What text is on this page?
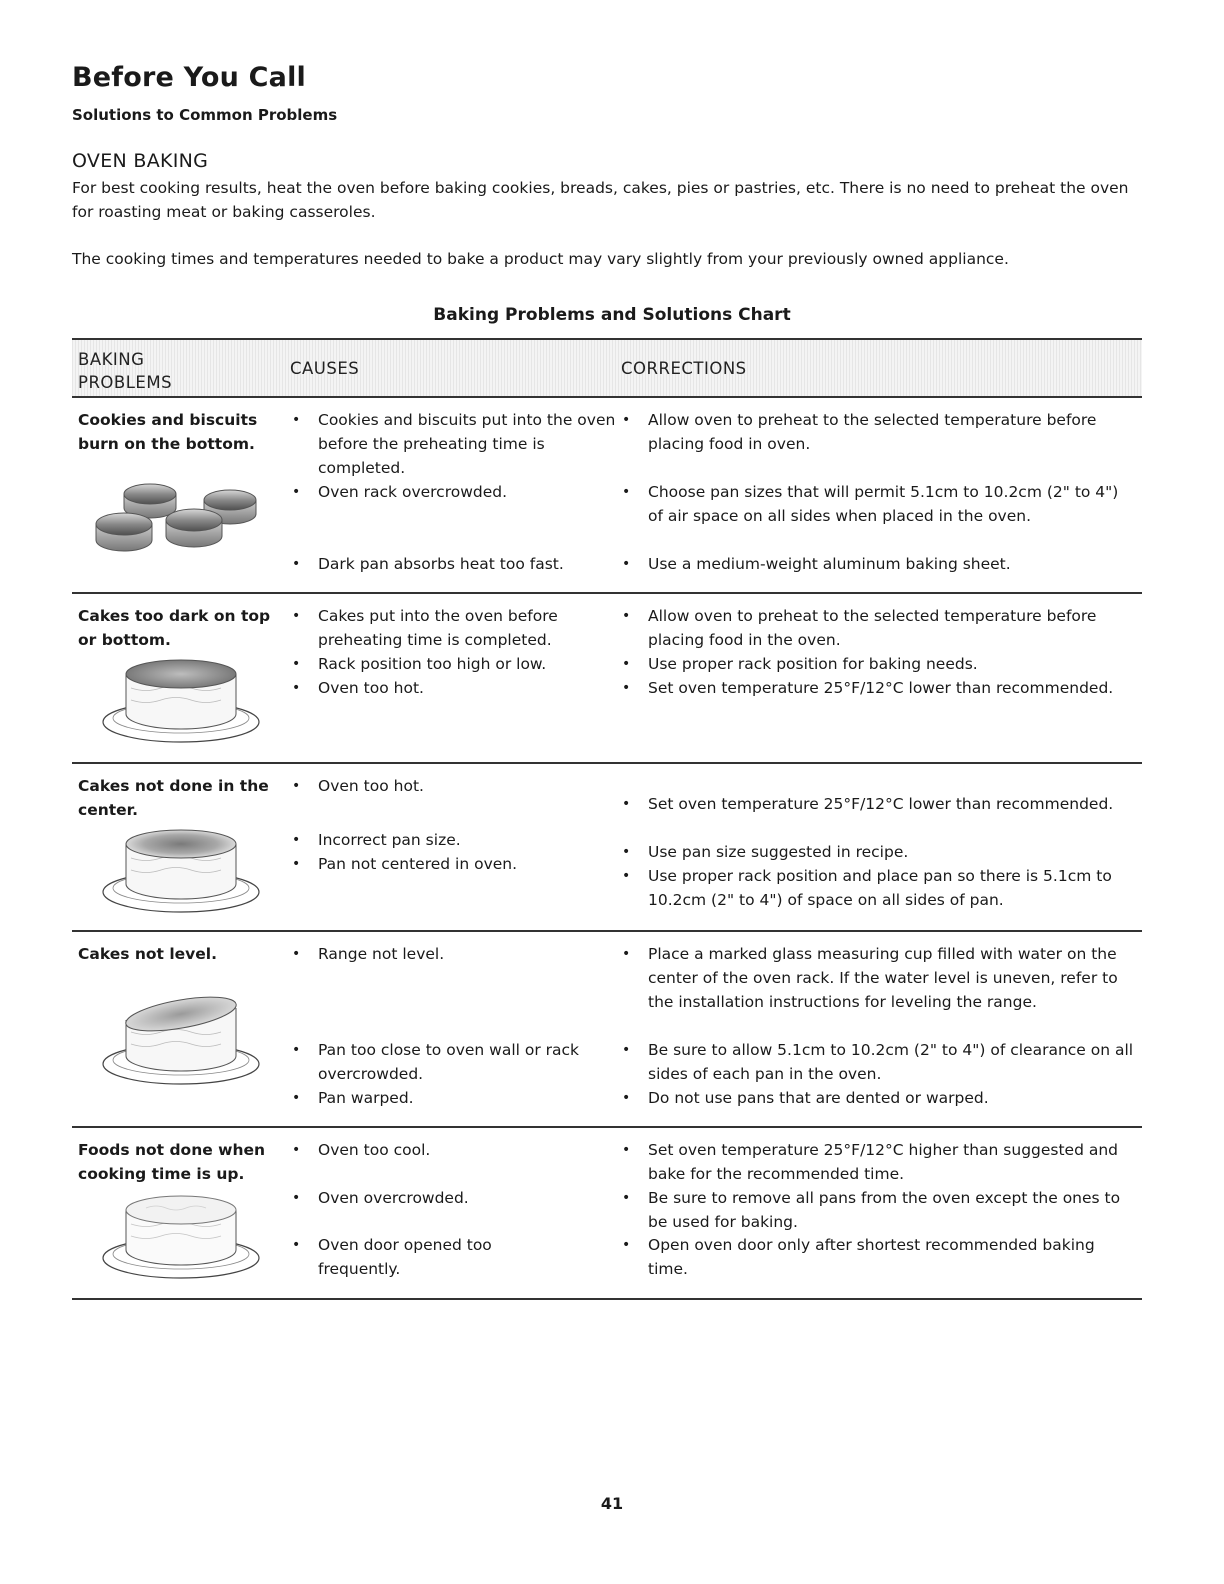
Before You Call
Solutions to Common Problems
OVEN BAKING
For best cooking results, heat the oven before baking cookies, breads, cakes, pies or pastries, etc. There is no need to preheat the oven for roasting meat or baking casseroles.
The cooking times and temperatures needed to bake a product may vary slightly from your previously owned appliance.
Baking Problems and Solutions Chart
BAKING PROBLEMS
CAUSES	CORRECTIONS
Cookies and biscuits burn on the bottom.
• Cookies and biscuits put into the oven before the preheating time is completed.
• Oven rack overcrowded.
• Dark pan absorbs heat too fast.
• Allow oven to preheat to the selected temperature before placing food in oven.
• Choose pan sizes that will permit 5.1cm to 10.2cm (2" to 4") of air space on all sides when placed in the oven.
• Use a medium-weight aluminum baking sheet.
Cakes too dark on top or bottom.
• Cakes put into the oven before preheating time is completed.
• Rack position too high or low.
• Oven too hot.
• Allow oven to preheat to the selected temperature before placing food in the oven.
• Use proper rack position for baking needs.
• Set oven temperature 25°F/12°C lower than recommended.
Cakes not done in the center.
• Oven too hot.
• Incorrect pan size.
• Pan not centered in oven.
• Set oven temperature 25°F/12°C lower than recommended.
• Use pan size suggested in recipe.
• Use proper rack position and place pan so there is 5.1cm to 10.2cm (2" to 4") of space on all sides of pan.
Cakes not level.	• Range not level.
• Pan too close to oven wall or rack overcrowded.
• Pan warped.
• Place a marked glass measuring cup filled with water on the center of the oven rack. If the water level is uneven, refer to the installation instructions for leveling the range.
• Be sure to allow 5.1cm to 10.2cm (2" to 4") of clearance on all sides of each pan in the oven.
• Do not use pans that are dented or warped.
Foods not done when cooking time is up.
• Oven too cool.
• Oven overcrowded.
• Oven door opened too frequently.
• Set oven temperature 25°F/12°C higher than suggested and bake for the recommended time.
• Be sure to remove all pans from the oven except the ones to be used for baking.
• Open oven door only after shortest recommended baking time.
41
